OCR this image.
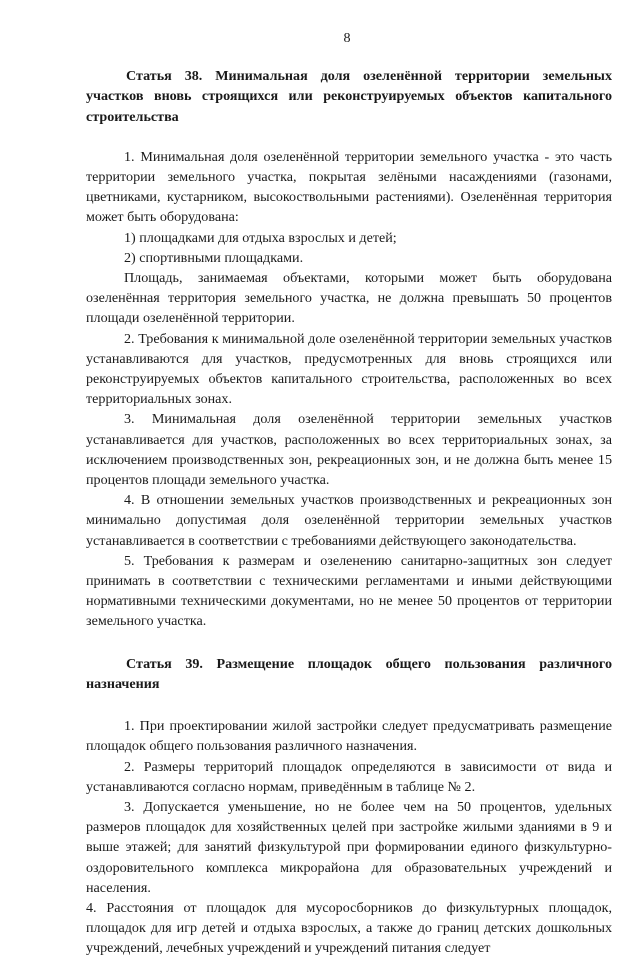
8

Статья 38. Минимальная доля озеленённой территории земельных участков вновь строящихся или реконструируемых объектов капитального строительства

1. Минимальная доля озеленённой территории земельного участка - это часть территории земельного участка, покрытая зелёными насаждениями (газонами, цветниками, кустарником, высокоствольными растениями). Озеленённая территория может быть оборудована:

1) площадками для отдыха взрослых и детей;

2) спортивными площадками.

Площадь, занимаемая объектами, которыми может быть оборудована озеленённая территория земельного участка, не должна превышать 50 процентов площади озеленённой территории.

2. Требования к минимальной доле озеленённой территории земельных участков устанавливаются для участков, предусмотренных для вновь строящихся или реконструируемых объектов капитального строительства, расположенных во всех территориальных зонах.

3. Минимальная доля озеленённой территории земельных участков устанавливается для участков, расположенных во всех территориальных зонах, за исключением производственных зон, рекреационных зон, и не должна быть менее 15 процентов площади земельного участка.

4. В отношении земельных участков производственных и рекреационных зон минимально допустимая доля озеленённой территории земельных участков устанавливается в соответствии с требованиями действующего законодательства.

5. Требования к размерам и озеленению санитарно-защитных зон следует принимать в соответствии с техническими регламентами и иными действующими нормативными техническими документами, но не менее 50 процентов от территории земельного участка.

Статья 39. Размещение площадок общего пользования различного назначения

1. При проектировании жилой застройки следует предусматривать размещение площадок общего пользования различного назначения.

2. Размеры территорий площадок определяются в зависимости от вида и устанавливаются согласно нормам, приведённым в таблице № 2.

3. Допускается уменьшение, но не более чем на 50 процентов, удельных размеров площадок для хозяйственных целей при застройке жилыми зданиями в 9 и выше этажей; для занятий физкультурой при формировании единого физкультурно-оздоровительного комплекса микрорайона для образовательных учреждений и населения.

4. Расстояния от площадок для мусоросборников до физкультурных площадок, площадок для игр детей и отдыха взрослых, а также до границ детских дошкольных учреждений, лечебных учреждений и учреждений питания следует
